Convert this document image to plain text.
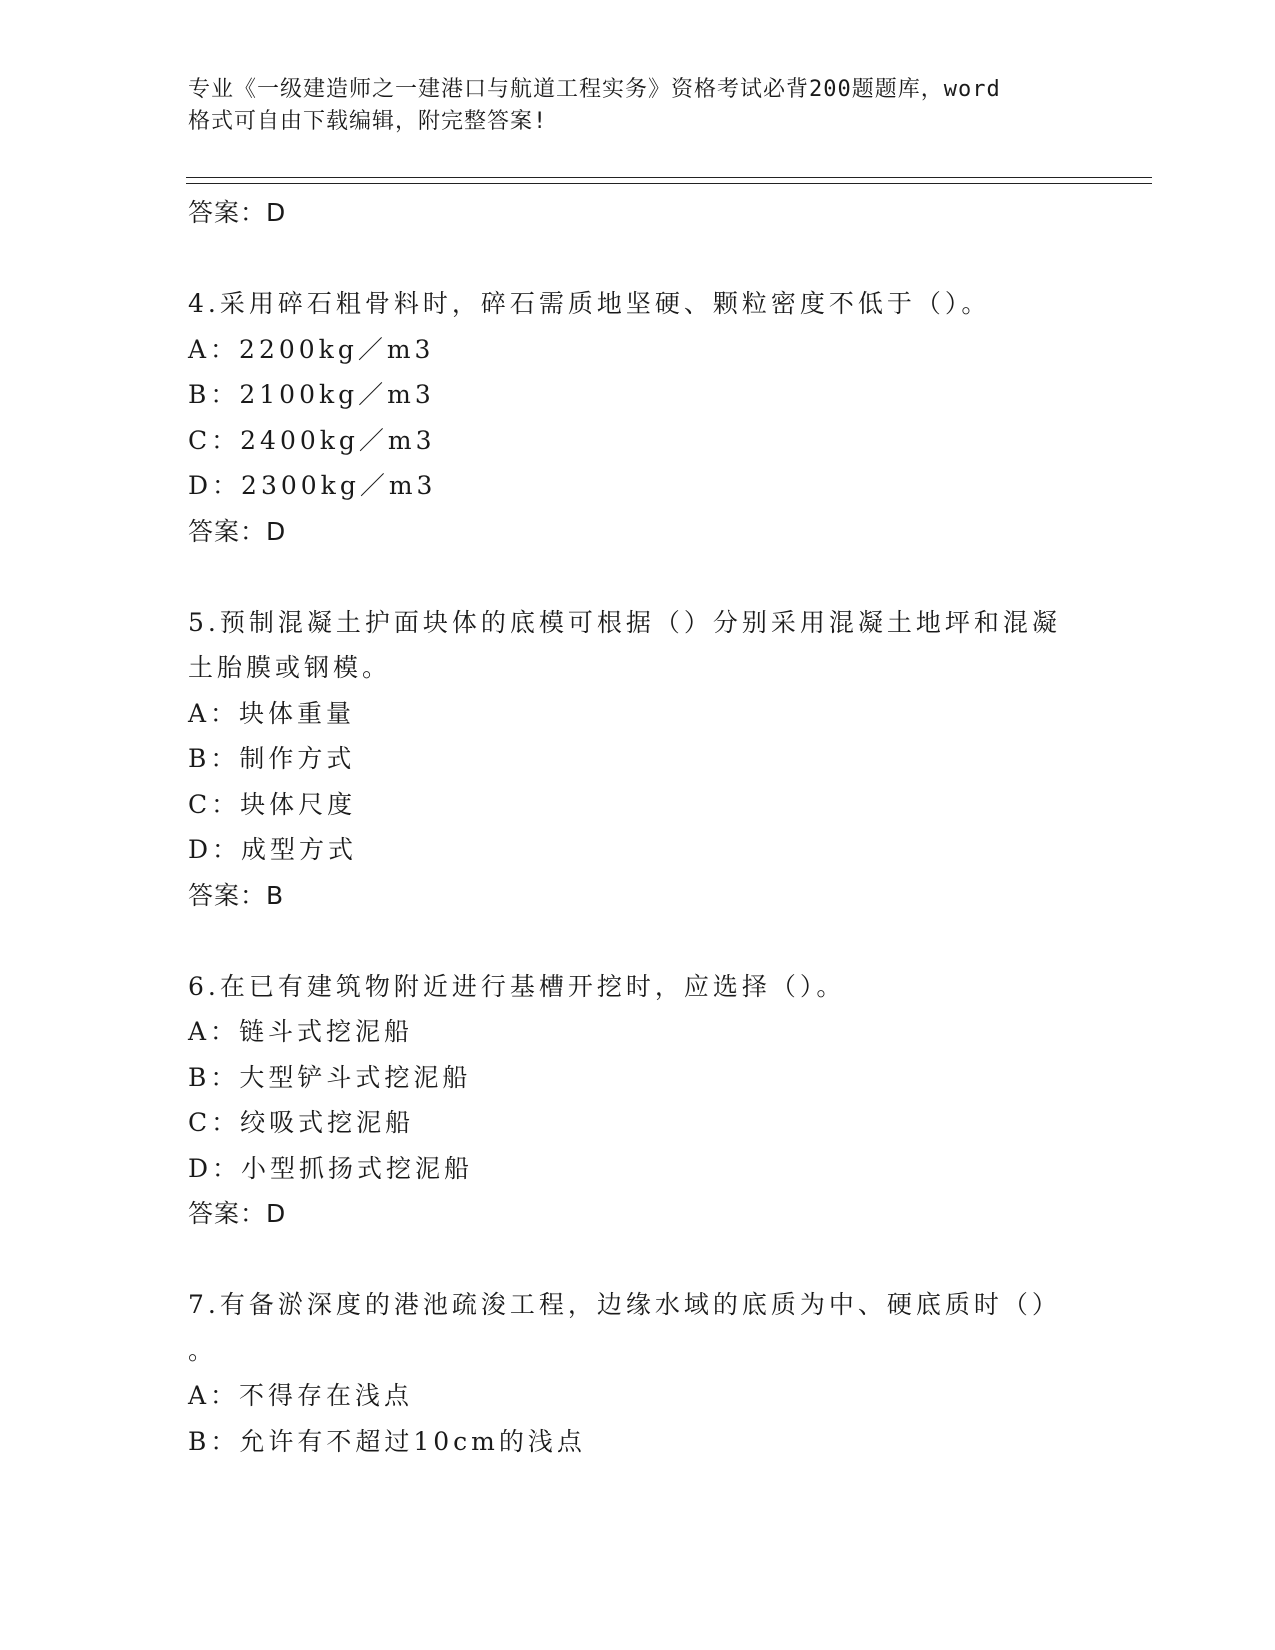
专业《一级建造师之一建港口与航道工程实务》资格考试必背200题题库，word
格式可自由下载编辑，附完整答案!
答案：D
4.采用碎石粗骨料时，碎石需质地坚硬、颗粒密度不低于（）。
A：2200kg／m3
B：2100kg／m3
C：2400kg／m3
D：2300kg／m3
答案：D
5.预制混凝土护面块体的底模可根据（）分别采用混凝土地坪和混凝
土胎膜或钢模。
A：块体重量
B：制作方式
C：块体尺度
D：成型方式
答案：B
6.在已有建筑物附近进行基槽开挖时，应选择（）。
A：链斗式挖泥船
B：大型铲斗式挖泥船
C：绞吸式挖泥船
D：小型抓扬式挖泥船
答案：D
7.有备淤深度的港池疏浚工程，边缘水域的底质为中、硬底质时（）
。
A：不得存在浅点
B：允许有不超过10cm的浅点
